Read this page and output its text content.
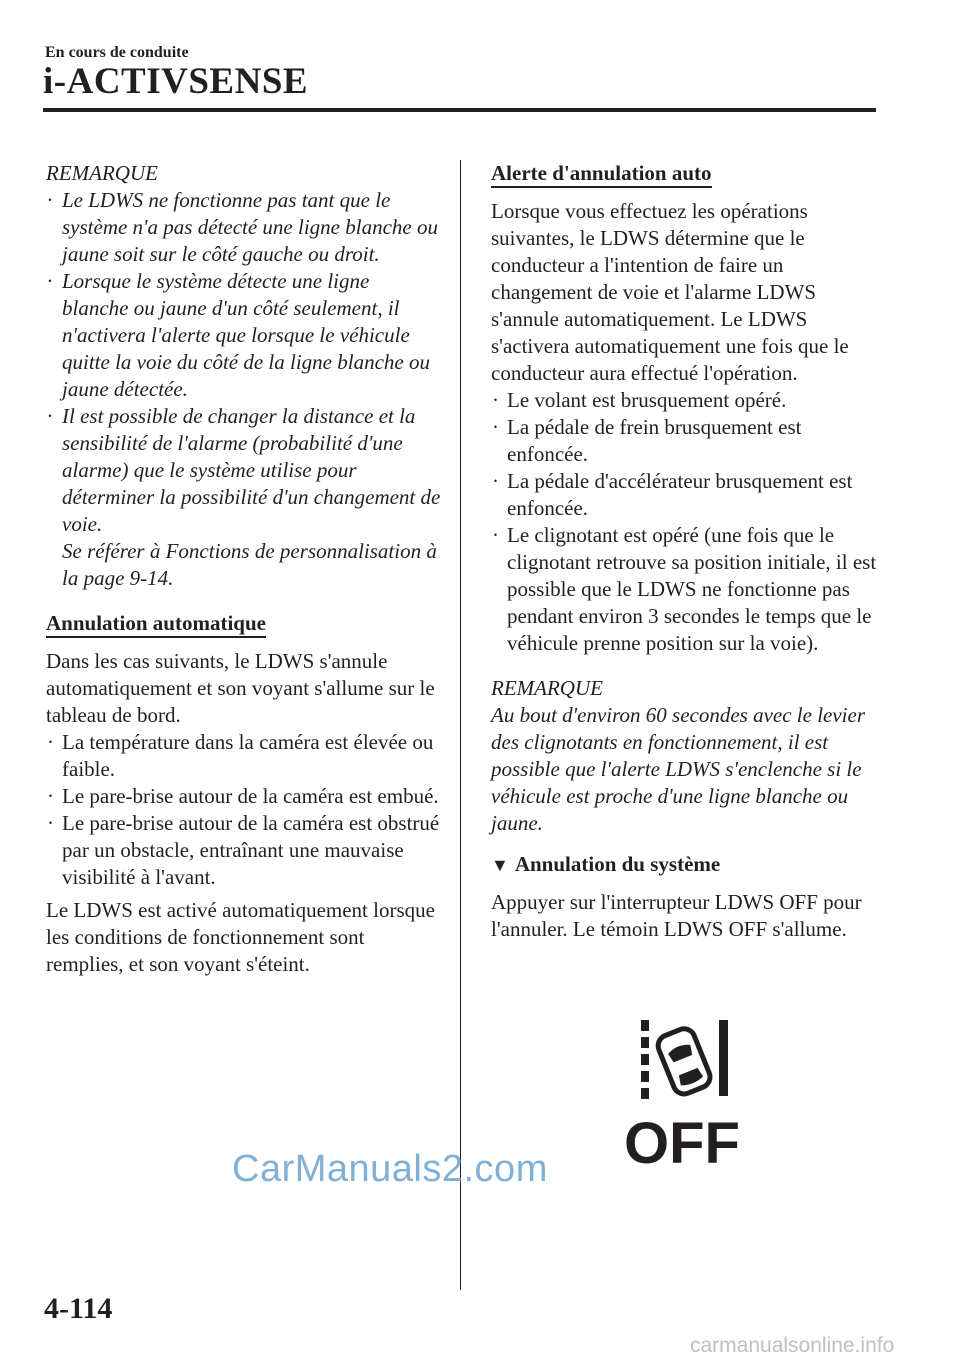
En cours de conduite
i-ACTIVSENSE

REMARQUE

· Le LDWS ne fonctionne pas tant que le système n'a pas détecté une ligne blanche ou jaune soit sur le côté gauche ou droit.
· Lorsque le système détecte une ligne blanche ou jaune d'un côté seulement, il n'activera l'alerte que lorsque le véhicule quitte la voie du côté de la ligne blanche ou jaune détectée.
· Il est possible de changer la distance et la sensibilité de l'alarme (probabilité d'une alarme) que le système utilise pour déterminer la possibilité d'un changement de voie.
Se référer à Fonctions de personnalisation à la page 9-14.
Annulation automatique

Dans les cas suivants, le LDWS s'annule automatiquement et son voyant s'allume sur le tableau de bord.

· La température dans la caméra est élevée ou faible.
· Le pare-brise autour de la caméra est embué.
· Le pare-brise autour de la caméra est obstrué par un obstacle, entraînant une mauvaise visibilité à l'avant.

Le LDWS est activé automatiquement lorsque les conditions de fonctionnement sont remplies, et son voyant s'éteint.

Alerte d'annulation auto

Lorsque vous effectuez les opérations suivantes, le LDWS détermine que le conducteur a l'intention de faire un changement de voie et l'alarme LDWS s'annule automatiquement. Le LDWS s'activera automatiquement une fois que le conducteur aura effectué l'opération.

· Le volant est brusquement opéré.
· La pédale de frein brusquement est enfoncée.
· La pédale d'accélérateur brusquement est enfoncée.
· Le clignotant est opéré (une fois que le clignotant retrouve sa position initiale, il est possible que le LDWS ne fonctionne pas pendant environ 3 secondes le temps que le véhicule prenne position sur la voie).

REMARQUE

Au bout d'environ 60 secondes avec le levier des clignotants en fonctionnement, il est possible que l'alerte LDWS s'enclenche si le véhicule est proche d'une ligne blanche ou jaune.

▼ Annulation du système

Appuyer sur l'interrupteur LDWS OFF pour l'annuler. Le témoin LDWS OFF s'allume.

OFF
CarManuals2.com
4-114
carmanualsonline.info
